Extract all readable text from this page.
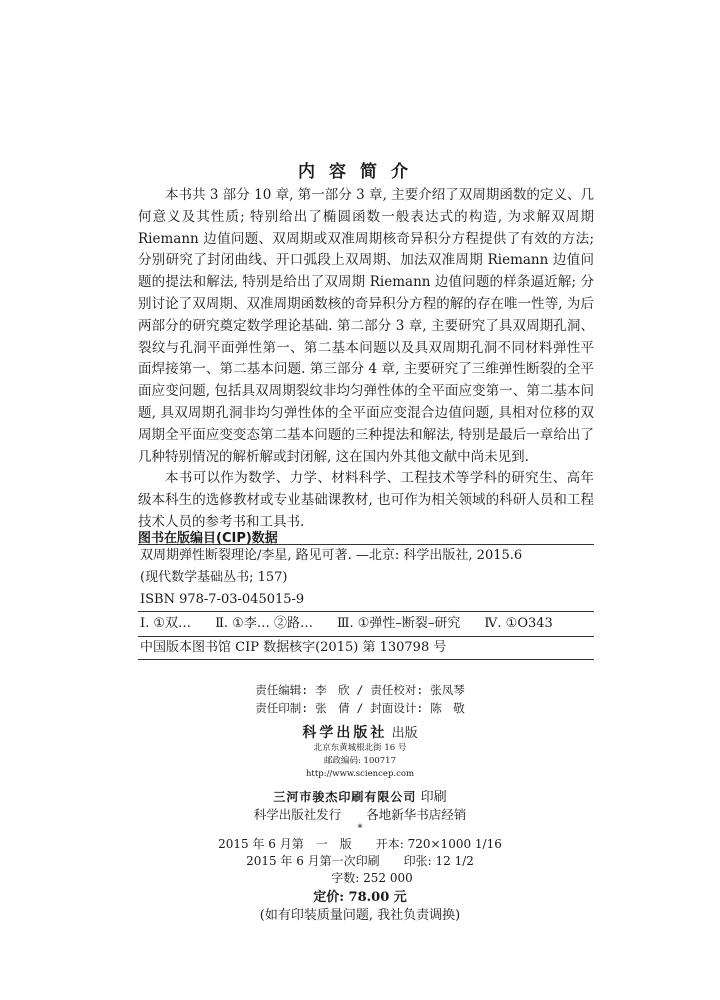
内容简介

本书共 3 部分 10 章, 第一部分 3 章, 主要介绍了双周期函数的定义、几何意义及其性质; 特别给出了椭圆函数一般表达式的构造, 为求解双周期 Riemann 边值问题、双周期或双准周期核奇异积分方程提供了有效的方法; 分别研究了封闭曲线、开口弧段上双周期、加法双准周期 Riemann 边值问题的提法和解法, 特别是给出了双周期 Riemann 边值问题的样条逼近解; 分别讨论了双周期、双准周期函数核的奇异积分方程的解的存在唯一性等, 为后两部分的研究奠定数学理论基础. 第二部分 3 章, 主要研究了具双周期孔洞、裂纹与孔洞平面弹性第一、第二基本问题以及具双周期孔洞不同材料弹性平面焊接第一、第二基本问题. 第三部分 4 章, 主要研究了三维弹性断裂的全平面应变问题, 包括具双周期裂纹非均匀弹性体的全平面应变第一、第二基本问题, 具双周期孔洞非均匀弹性体的全平面应变混合边值问题, 具相对位移的双周期全平面应变变态第二基本问题的三种提法和解法, 特别是最后一章给出了几种特别情况的解析解或封闭解, 这在国内外其他文献中尚未见到.

本书可以作为数学、力学、材料科学、工程技术等学科的研究生、高年级本科生的选修教材或专业基础课教材, 也可作为相关领域的科研人员和工程技术人员的参考书和工具书.

图书在版编目(CIP)数据
双周期弹性断裂理论/李星, 路见可著. —北京: 科学出版社, 2015.6
(现代数学基础丛书; 157)
ISBN 978-7-03-045015-9
Ⅰ. ①双… Ⅱ. ①李… ②路… Ⅲ. ①弹性–断裂–研究 Ⅳ. ①O343
中国版本图书馆 CIP 数据核字(2015) 第 130798 号
责任编辑: 李　欣 / 责任校对: 张凤琴
责任印制: 张　倩 / 封面设计: 陈　敬
科学出版社 出版
北京东黄城根北街 16 号
邮政编码: 100717
http://www.sciencep.com
三河市骏杰印刷有限公司 印刷
科学出版社发行　　各地新华书店经销
*
2015 年 6 月第　一　版　　开本: 720×1000 1/16
2015 年 6 月第一次印刷　　印张: 12 1/2
字数: 252 000
定价: 78.00 元
(如有印装质量问题, 我社负责调换)
